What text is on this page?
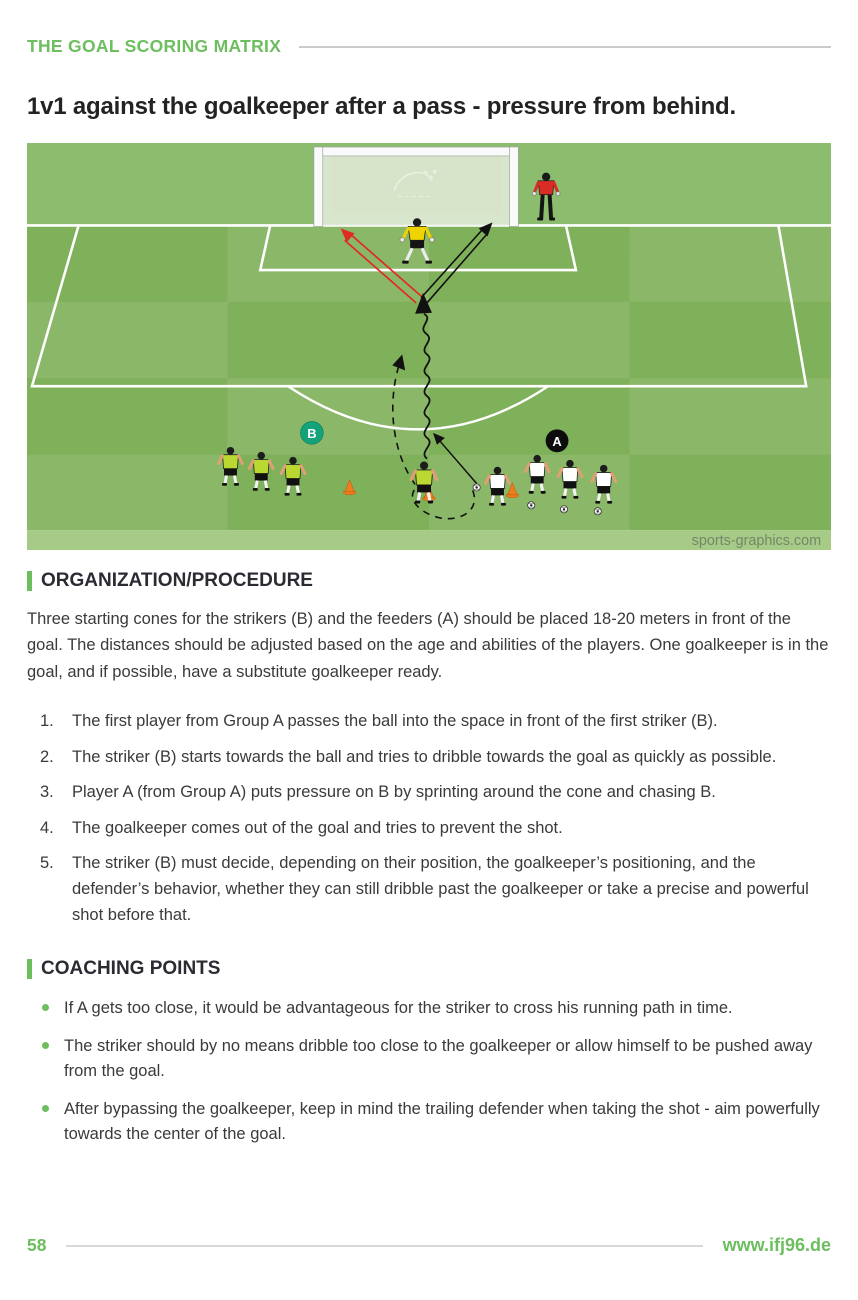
THE GOAL SCORING MATRIX
1v1 against the goalkeeper after a pass - pressure from behind.
B
A
sports-graphics.com
ORGANIZATION/PROCEDURE

Three starting cones for the strikers (B) and the feeders (A) should be placed 18-20 meters in front of the goal. The distances should be adjusted based on the age and abilities of the players. One goalkeeper is in the goal, and if possible, have a substitute goalkeeper ready.

1.	The first player from Group A passes the ball into the space in front of the first striker (B).
2.	The striker (B) starts towards the ball and tries to dribble towards the goal as quickly as possible.
3.	Player A (from Group A) puts pressure on B by sprinting around the cone and chasing B.
4.	The goalkeeper comes out of the goal and tries to prevent the shot.
5.	The striker (B) must decide, depending on their position, the goalkeeper’s positioning, and the defender’s behavior, whether they can still dribble past the goalkeeper or take a precise and powerful shot before that.
COACHING POINTS
If A gets too close, it would be advantageous for the striker to cross his running path in time.
The striker should by no means dribble too close to the goalkeeper or allow himself to be pushed away from the goal.
After bypassing the goalkeeper, keep in mind the trailing defender when taking the shot - aim powerfully towards the center of the goal.
58	www.ifj96.de
